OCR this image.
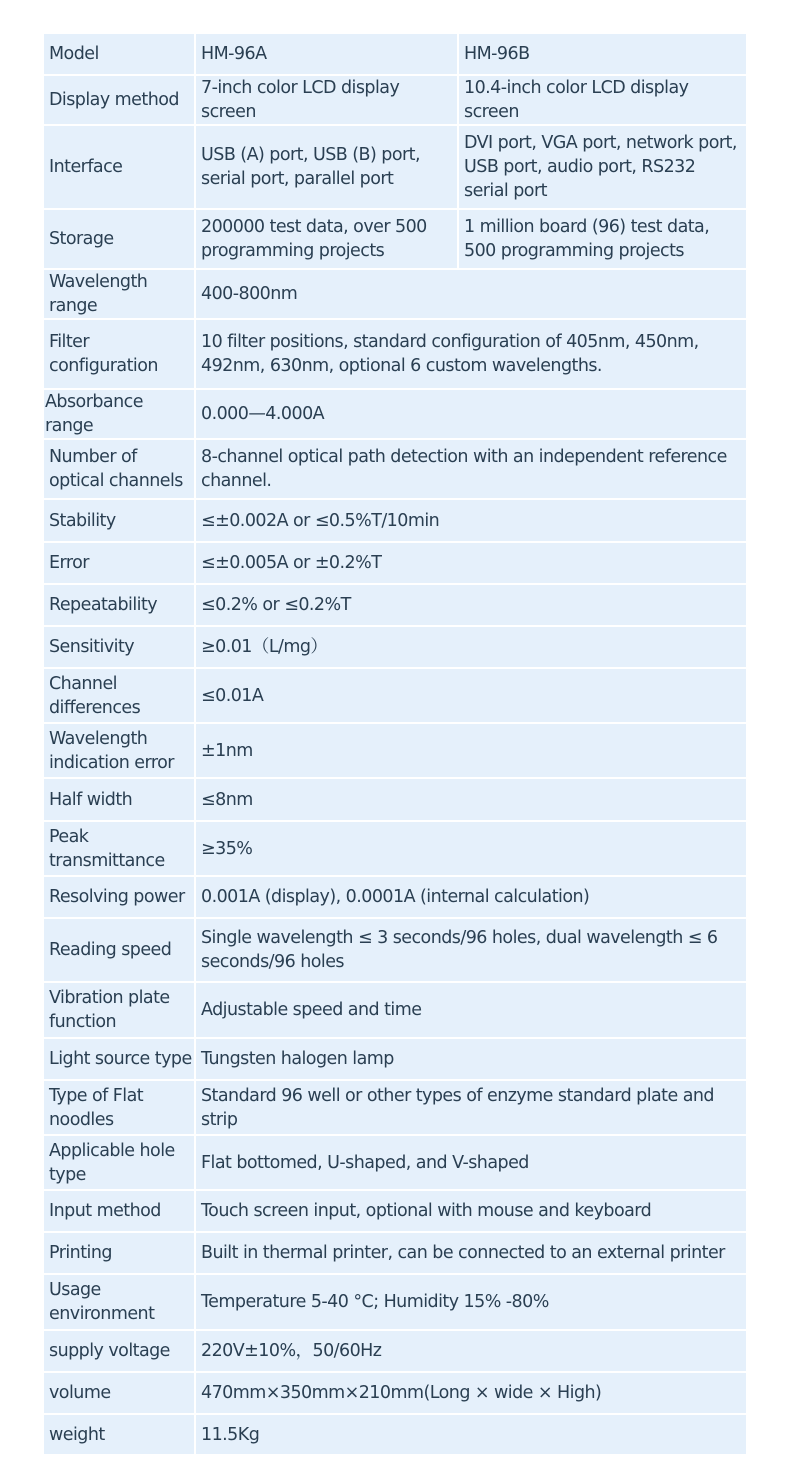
Model	HM-96A	HM-96B
Display method	7-inch color LCD display screen	10.4-inch color LCD display screen
Interface	USB (A) port, USB (B) port, serial port, parallel port	DVI port, VGA port, network port, USB port, audio port, RS232 serial port
Storage	200000 test data, over 500 programming projects	1 million board (96) test data, 500 programming projects
Wavelength range	400-800nm	
Filter configuration	10 filter positions, standard configuration of 405nm, 450nm, 492nm, 630nm, optional 6 custom wavelengths.	
Absorbance range	0.000—4.000A	
Number of optical channels	8-channel optical path detection with an independent reference channel.	
Stability	≤±0.002A or ≤0.5%T/10min	
Error	≤±0.005A or ±0.2%T	
Repeatability	≤0.2% or ≤0.2%T	
Sensitivity	≥0.01（L/mg）	
Channel differences	≤0.01A	
Wavelength indication error	±1nm	
Half width	≤8nm	
Peak transmittance	≥35%	
Resolving power	0.001A (display), 0.0001A (internal calculation)	
Reading speed	Single wavelength ≤ 3 seconds/96 holes, dual wavelength ≤ 6 seconds/96 holes	
Vibration plate function	Adjustable speed and time	
Light source type	Tungsten halogen lamp	
Type of Flat noodles	Standard 96 well or other types of enzyme standard plate and strip	
Applicable hole type	Flat bottomed, U-shaped, and V-shaped	
Input method	Touch screen input, optional with mouse and keyboard	
Printing	Built in thermal printer, can be connected to an external printer	
Usage environment	Temperature 5-40 °C; Humidity 15% -80%	
supply voltage	220V±10%，50/60Hz	
volume	470mm×350mm×210mm(Long × wide × High)	
weight	11.5Kg	
